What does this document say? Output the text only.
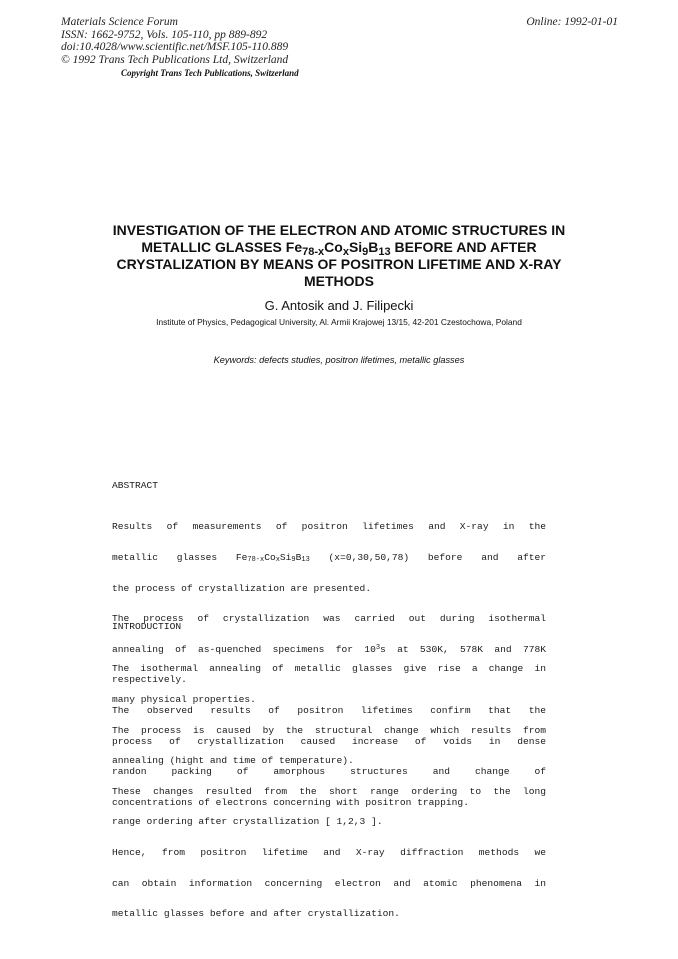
Materials Science Forum
ISSN: 1662-9752, Vols. 105-110, pp 889-892
doi:10.4028/www.scientific.net/MSF.105-110.889
© 1992 Trans Tech Publications Ltd, Switzerland
Online: 1992-01-01
Copyright Trans Tech Publications, Switzerland
INVESTIGATION OF THE ELECTRON AND ATOMIC STRUCTURES IN
METALLIC GLASSES $Fe_{78-x}Co_xSi_9B_{13}$ BEFORE AND AFTER
CRYSTALIZATION BY MEANS OF POSITRON LIFETIME AND X-RAY
METHODS
G. Antosik and J. Filipecki
Institute of Physics, Pedagogical University, Al. Armii Krajowej 13/15, 42-201 Czestochowa, Poland
Keywords: defects studies, positron lifetimes, metallic glasses
ABSTRACT

Results of measurements of positron lifetimes and X-ray in the

metallic glasses $Fe_{78-x}Co_xSi_9B_{13}$ (x=0,30,50,78) before and after

the process of crystallization are presented.

The process of crystallization was carried out during isothermal

annealing of as-quenched specimens for $10^3s$ at 530K, 578K and 778K

respectively.

The observed results of positron lifetimes confirm that the

process of crystallization caused increase of voids in dense

randon packing of amorphous structures and change of

concentrations of electrons concerning with positron trapping.

INTRODUCTION

The isothermal annealing of metallic glasses give rise a change in

many physical properties.

The process is caused by the structural change which results from

annealing (hight and time of temperature).

These changes resulted from the short range ordering to the long

range ordering after crystallization [ 1,2,3 ].

Hence, from positron lifetime and X-ray diffraction methods we

can obtain information concerning electron and atomic phenomena in

metallic glasses before and after crystallization.
